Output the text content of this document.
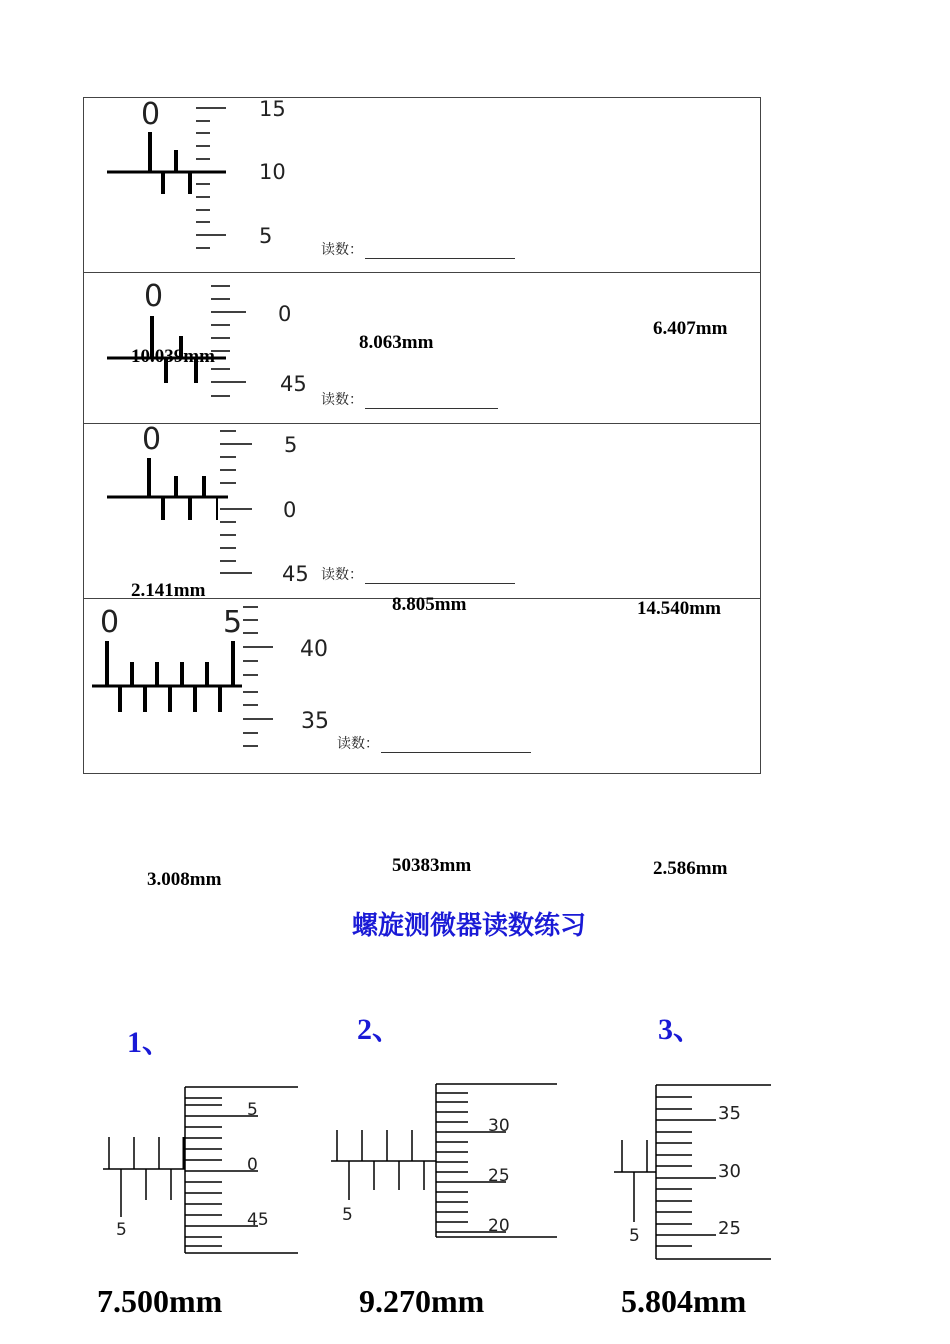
0	15
10
5
0	0
45
0	5
0
45
0	5
40
35
5
5
0
45	5
30
25
20	5
35
30
25
读数：
读数：
读数：
读数：
10.039mm
8.063mm
6.407mm
2.141mm
8.805mm	14.540mm
3.008mm
50383mm	2.586mm
螺旋测微器读数练习
1、	2、	3、
7.500mm	9.270mm	5.804mm
